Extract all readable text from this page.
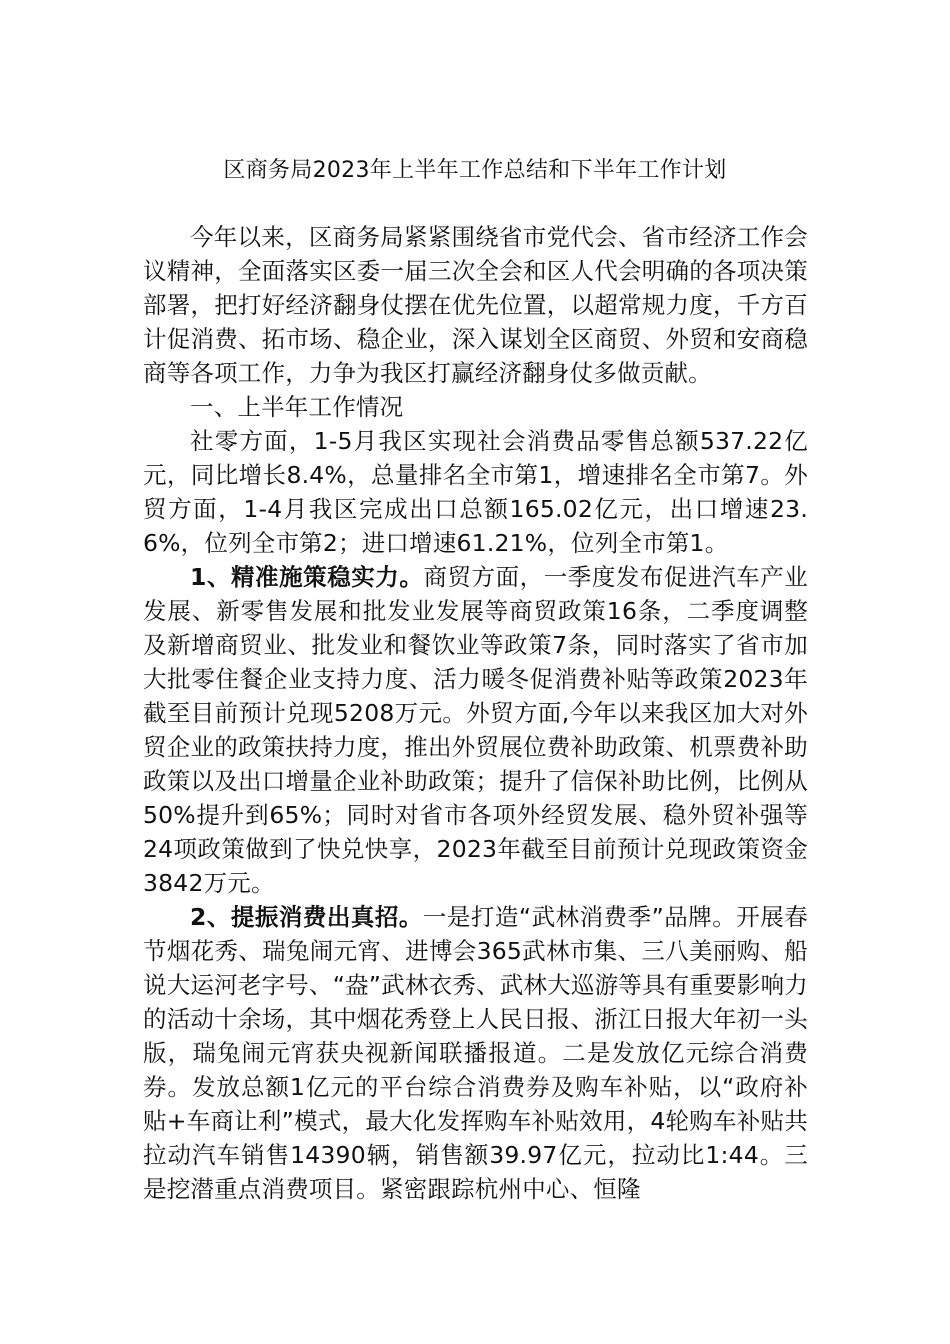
区商务局2023年上半年工作总结和下半年工作计划

今年以来，区商务局紧紧围绕省市党代会、省市经济工作会议精神，全面落实区委一届三次全会和区人代会明确的各项决策部署，把打好经济翻身仗摆在优先位置，以超常规力度，千方百计促消费、拓市场、稳企业，深入谋划全区商贸、外贸和安商稳商等各项工作，力争为我区打赢经济翻身仗多做贡献。

一、上半年工作情况

社零方面，1-5月我区实现社会消费品零售总额537.22亿元，同比增长8.4%，总量排名全市第1，增速排名全市第7。外贸方面，1-4月我区完成出口总额165.02亿元，出口增速23.6%，位列全市第2；进口增速61.21%，位列全市第1。

1、精准施策稳实力。商贸方面，一季度发布促进汽车产业发展、新零售发展和批发业发展等商贸政策16条，二季度调整及新增商贸业、批发业和餐饮业等政策7条，同时落实了省市加大批零住餐企业支持力度、活力暖冬促消费补贴等政策2023年截至目前预计兑现5208万元。外贸方面,今年以来我区加大对外贸企业的政策扶持力度，推出外贸展位费补助政策、机票费补助政策以及出口增量企业补助政策；提升了信保补助比例，比例从50%提升到65%；同时对省市各项外经贸发展、稳外贸补强等24项政策做到了快兑快享，2023年截至目前预计兑现政策资金3842万元。

2、提振消费出真招。一是打造“武林消费季”品牌。开展春节烟花秀、瑞兔闹元宵、进博会365武林市集、三八美丽购、船说大运河老字号、“盎”武林衣秀、武林大巡游等具有重要影响力的活动十余场，其中烟花秀登上人民日报、浙江日报大年初一头版，瑞兔闹元宵获央视新闻联播报道。二是发放亿元综合消费券。发放总额1亿元的平台综合消费券及购车补贴，以“政府补贴+车商让利”模式，最大化发挥购车补贴效用，4轮购车补贴共拉动汽车销售14390辆，销售额39.97亿元，拉动比1:44。三是挖潜重点消费项目。紧密跟踪杭州中心、恒隆
